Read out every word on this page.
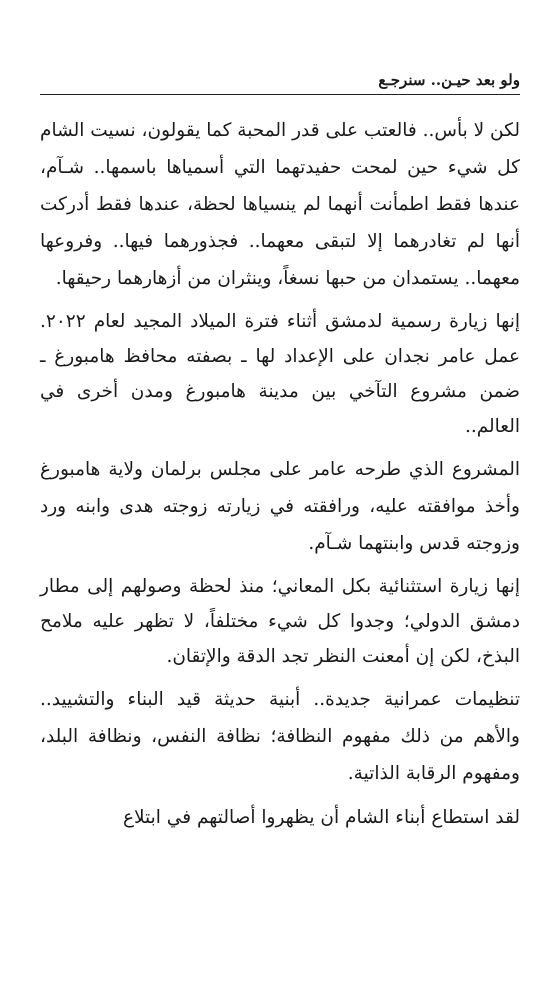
ولو بعد حيـن.. سنرجـع

لكن لا بأس.. فالعتب على قدر المحبة كما يقولون، نسيت الشام كل شيء حين لمحت حفيدتهما التي أسمياها باسمها.. شـآم، عندها فقط اطمأنت أنهما لم ينسياها لحظة، عندها فقط أدركت أنها لم تغادرهما إلا لتبقى معهما.. فجذورهما فيها.. وفروعها معهما.. يستمدان من حبها نسغاً، وينثران من أزهارهما رحيقها.

إنها زيارة رسمية لدمشق أثناء فترة الميلاد المجيد لعام ٢٠٢٢. عمل عامر نجدان على الإعداد لها ـ بصفته محافظ هامبورغ ـ ضمن مشروع التآخي بين مدينة هامبورغ ومدن أخرى في العالم..

المشروع الذي طرحه عامر على مجلس برلمان ولاية هامبورغ وأخذ موافقته عليه، ورافقته في زيارته زوجته هدى وابنه ورد وزوجته قدس وابنتهما شـآم.

إنها زيارة استثنائية بكل المعاني؛ منذ لحظة وصولهم إلى مطار دمشق الدولي؛ وجدوا كل شيء مختلفاً، لا تظهر عليه ملامح البذخ، لكن إن أمعنت النظر تجد الدقة والإتقان.

تنظيمات عمرانية جديدة.. أبنية حديثة قيد البناء والتشييد.. والأهم من ذلك مفهوم النظافة؛ نظافة النفس، ونظافة البلد، ومفهوم الرقابة الذاتية.

لقد استطاع أبناء الشام أن يظهروا أصالتهم في ابتلاع
